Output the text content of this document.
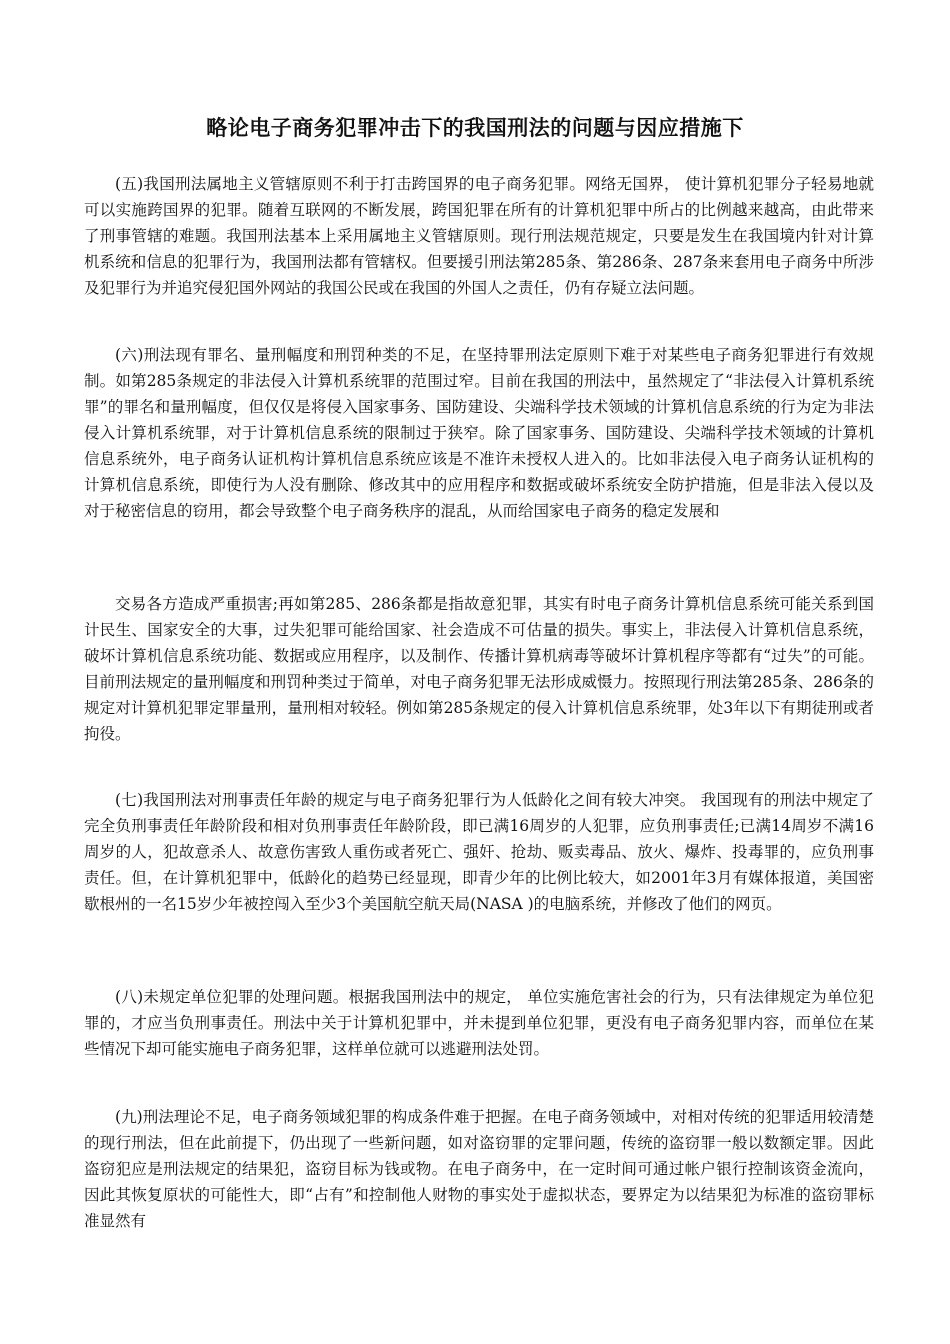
略论电子商务犯罪冲击下的我国刑法的问题与因应措施下

(五)我国刑法属地主义管辖原则不利于打击跨国界的电子商务犯罪。网络无国界， 使计算机犯罪分子轻易地就可以实施跨国界的犯罪。随着互联网的不断发展，跨国犯罪在所有的计算机犯罪中所占的比例越来越高，由此带来了刑事管辖的难题。我国刑法基本上采用属地主义管辖原则。现行刑法规范规定，只要是发生在我国境内针对计算机系统和信息的犯罪行为，我国刑法都有管辖权。但要援引刑法第285条、第286条、287条来套用电子商务中所涉及犯罪行为并追究侵犯国外网站的我国公民或在我国的外国人之责任，仍有存疑立法问题。

(六)刑法现有罪名、量刑幅度和刑罚种类的不足，在坚持罪刑法定原则下难于对某些电子商务犯罪进行有效规制。如第285条规定的非法侵入计算机系统罪的范围过窄。目前在我国的刑法中，虽然规定了“非法侵入计算机系统罪”的罪名和量刑幅度，但仅仅是将侵入国家事务、国防建设、尖端科学技术领域的计算机信息系统的行为定为非法侵入计算机系统罪，对于计算机信息系统的限制过于狭窄。除了国家事务、国防建设、尖端科学技术领域的计算机信息系统外，电子商务认证机构计算机信息系统应该是不准许未授权人进入的。比如非法侵入电子商务认证机构的计算机信息系统，即使行为人没有删除、修改其中的应用程序和数据或破坏系统安全防护措施，但是非法入侵以及对于秘密信息的窃用，都会导致整个电子商务秩序的混乱，从而给国家电子商务的稳定发展和

交易各方造成严重损害;再如第285、286条都是指故意犯罪，其实有时电子商务计算机信息系统可能关系到国计民生、国家安全的大事，过失犯罪可能给国家、社会造成不可估量的损失。事实上，非法侵入计算机信息系统，破坏计算机信息系统功能、数据或应用程序，以及制作、传播计算机病毒等破坏计算机程序等都有“过失”的可能。目前刑法规定的量刑幅度和刑罚种类过于简单，对电子商务犯罪无法形成威慑力。按照现行刑法第285条、286条的规定对计算机犯罪定罪量刑，量刑相对较轻。例如第285条规定的侵入计算机信息系统罪，处3年以下有期徒刑或者拘役。

(七)我国刑法对刑事责任年龄的规定与电子商务犯罪行为人低龄化之间有较大冲突。 我国现有的刑法中规定了完全负刑事责任年龄阶段和相对负刑事责任年龄阶段，即已满16周岁的人犯罪，应负刑事责任;已满14周岁不满16周岁的人，犯故意杀人、故意伤害致人重伤或者死亡、强奸、抢劫、贩卖毒品、放火、爆炸、投毒罪的，应负刑事责任。但，在计算机犯罪中，低龄化的趋势已经显现，即青少年的比例比较大，如2001年3月有媒体报道，美国密歇根州的一名15岁少年被控闯入至少3个美国航空航天局(NASA )的电脑系统，并修改了他们的网页。

(八)未规定单位犯罪的处理问题。根据我国刑法中的规定， 单位实施危害社会的行为，只有法律规定为单位犯罪的，才应当负刑事责任。刑法中关于计算机犯罪中，并未提到单位犯罪，更没有电子商务犯罪内容，而单位在某些情况下却可能实施电子商务犯罪，这样单位就可以逃避刑法处罚。

(九)刑法理论不足，电子商务领域犯罪的构成条件难于把握。在电子商务领域中，对相对传统的犯罪适用较清楚的现行刑法，但在此前提下，仍出现了一些新问题，如对盗窃罪的定罪问题，传统的盗窃罪一般以数额定罪。因此盗窃犯应是刑法规定的结果犯，盗窃目标为钱或物。在电子商务中，在一定时间可通过帐户银行控制该资金流向，因此其恢复原状的可能性大，即“占有”和控制他人财物的事实处于虚拟状态，要界定为以结果犯为标准的盗窃罪标准显然有
